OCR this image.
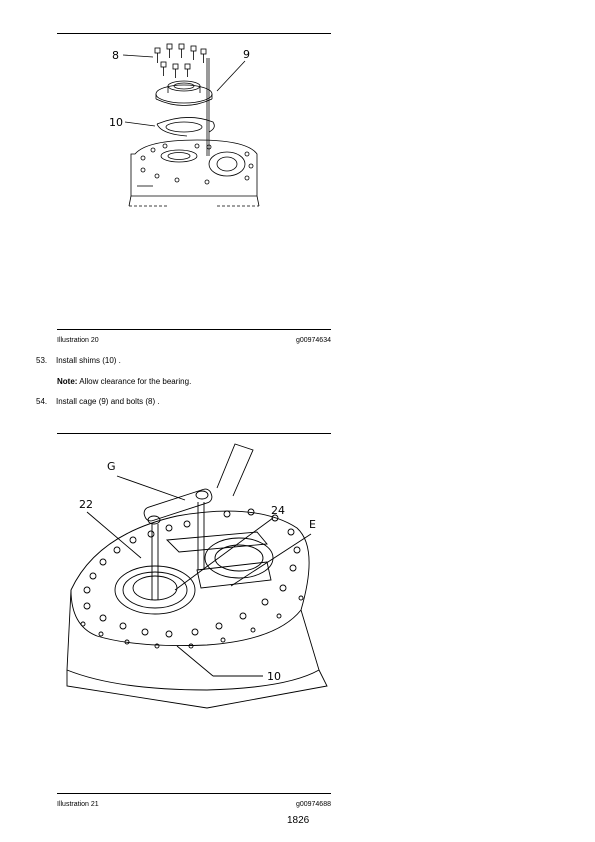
8	9
10
Illustration 20	g00974634
53. Install shims (10) .
Note: Allow clearance for the bearing.
54. Install cage (9) and bolts (8) .
G
22	24
E
10
Illustration 21	g00974688
1826
